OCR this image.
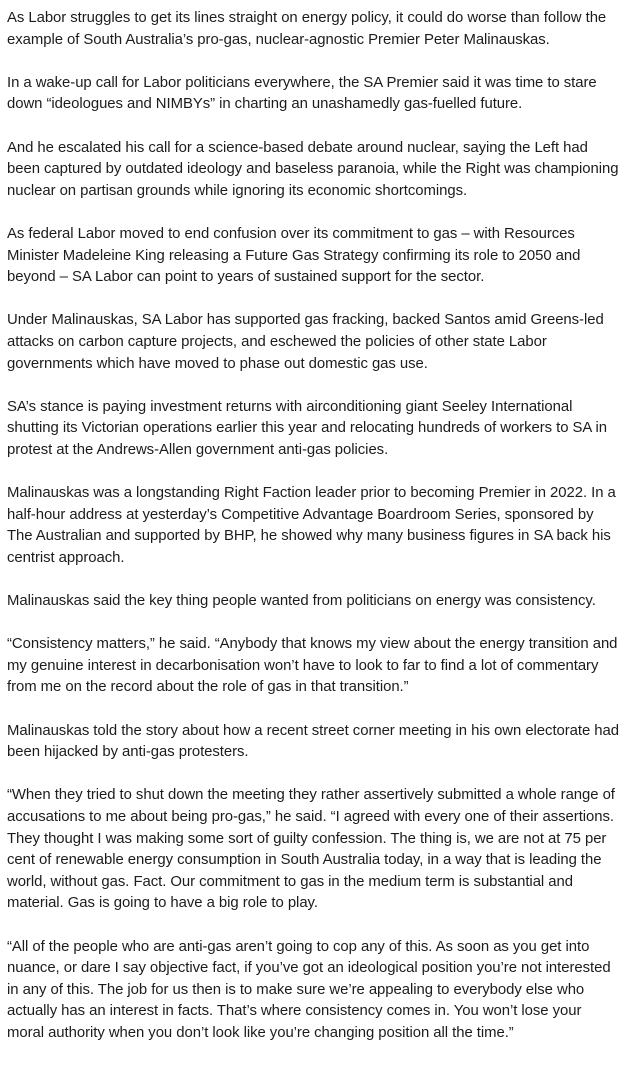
As Labor struggles to get its lines straight on energy policy, it could do worse than follow the
example of South Australia’s pro-gas, nuclear-agnostic Premier Peter Malinauskas.

In a wake-up call for Labor politicians everywhere, the SA Premier said it was time to stare
down “ideologues and NIMBYs” in charting an unashamedly gas-fuelled future.

And he escalated his call for a science-based debate around nuclear, saying the Left had
been captured by outdated ideology and baseless paranoia, while the Right was championing
nuclear on partisan grounds while ignoring its economic shortcomings.

As federal Labor moved to end confusion over its commitment to gas – with Resources
Minister Madeleine King releasing a Future Gas Strategy confirming its role to 2050 and
beyond – SA Labor can point to years of sustained support for the sector.

Under Malinauskas, SA Labor has supported gas fracking, backed Santos amid Greens-led
attacks on carbon capture projects, and eschewed the policies of other state Labor
governments which have moved to phase out domestic gas use.

SA’s stance is paying investment returns with airconditioning giant Seeley International
shutting its Victorian operations earlier this year and relocating hundreds of workers to SA in
protest at the Andrews-Allen government anti-gas policies.

Malinauskas was a longstanding Right Faction leader prior to becoming Premier in 2022. In a
half-hour address at yesterday’s Competitive Advantage Boardroom Series, sponsored by
The Australian and supported by BHP, he showed why many business figures in SA back his
centrist approach.

Malinauskas said the key thing people wanted from politicians on energy was consistency.

“Consistency matters,” he said. “Anybody that knows my view about the energy transition and
my genuine interest in decarbonisation won’t have to look to far to find a lot of commentary
from me on the record about the role of gas in that transition.”

Malinauskas told the story about how a recent street corner meeting in his own electorate had
been hijacked by anti-gas protesters.

“When they tried to shut down the meeting they rather assertively submitted a whole range of
accusations to me about being pro-gas,” he said. “I agreed with every one of their assertions.
They thought I was making some sort of guilty confession. The thing is, we are not at 75 per
cent of renewable energy consumption in South Australia today, in a way that is leading the
world, without gas. Fact. Our commitment to gas in the medium term is substantial and
material. Gas is going to have a big role to play.

“All of the people who are anti-gas aren’t going to cop any of this. As soon as you get into
nuance, or dare I say objective fact, if you’ve got an ideological position you’re not interested
in any of this. The job for us then is to make sure we’re appealing to everybody else who
actually has an interest in facts. That’s where consistency comes in. You won’t lose your
moral authority when you don’t look like you’re changing position all the time.”
